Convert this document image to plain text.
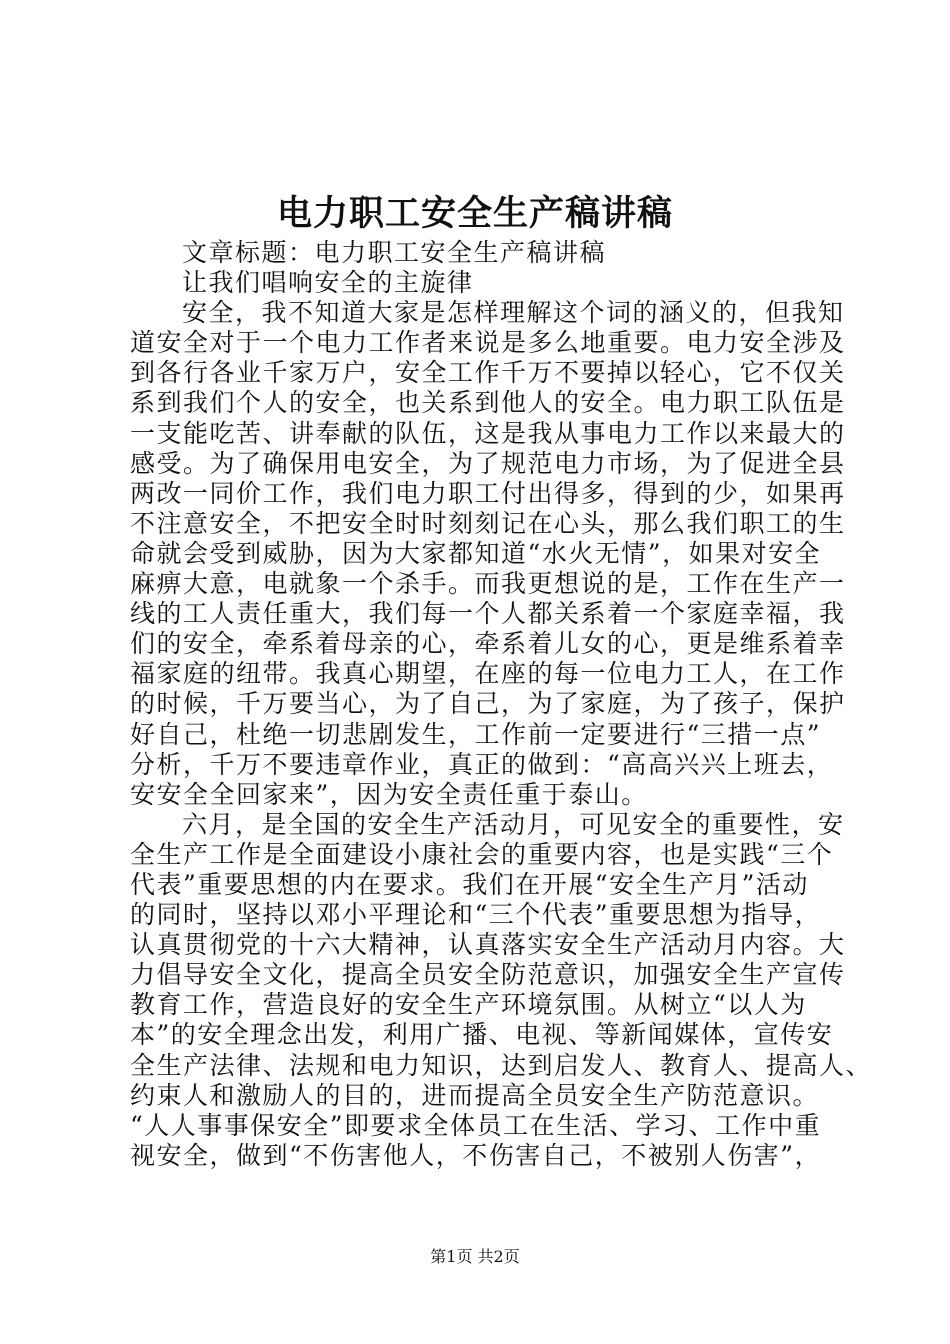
电力职工安全生产稿讲稿

文章标题：电力职工安全生产稿讲稿

让我们唱响安全的主旋律

安全，我不知道大家是怎样理解这个词的涵义的，但我知

道安全对于一个电力工作者来说是多么地重要。电力安全涉及

到各行各业千家万户，安全工作千万不要掉以轻心，它不仅关

系到我们个人的安全，也关系到他人的安全。电力职工队伍是

一支能吃苦、讲奉献的队伍，这是我从事电力工作以来最大的

感受。为了确保用电安全，为了规范电力市场，为了促进全县

两改一同价工作，我们电力职工付出得多，得到的少，如果再

不注意安全，不把安全时时刻刻记在心头，那么我们职工的生

命就会受到威胁，因为大家都知道“水火无情”，如果对安全

麻痹大意，电就象一个杀手。而我更想说的是，工作在生产一

线的工人责任重大，我们每一个人都关系着一个家庭幸福，我

们的安全，牵系着母亲的心，牵系着儿女的心，更是维系着幸

福家庭的纽带。我真心期望，在座的每一位电力工人，在工作

的时候，千万要当心，为了自己，为了家庭，为了孩子，保护

好自己，杜绝一切悲剧发生，工作前一定要进行“三措一点”

分析，千万不要违章作业，真正的做到：“高高兴兴上班去，

安安全全回家来”，因为安全责任重于泰山。

六月，是全国的安全生产活动月，可见安全的重要性，安

全生产工作是全面建设小康社会的重要内容，也是实践“三个

代表”重要思想的内在要求。我们在开展“安全生产月”活动

的同时，坚持以邓小平理论和“三个代表”重要思想为指导，

认真贯彻党的十六大精神，认真落实安全生产活动月内容。大

力倡导安全文化，提高全员安全防范意识，加强安全生产宣传

教育工作，营造良好的安全生产环境氛围。从树立“以人为

本”的安全理念出发，利用广播、电视、等新闻媒体，宣传安

全生产法律、法规和电力知识，达到启发人、教育人、提高人、

约束人和激励人的目的，进而提高全员安全生产防范意识。

“人人事事保安全”即要求全体员工在生活、学习、工作中重

视安全，做到“不伤害他人，不伤害自己，不被别人伤害”，

第1页 共2页
